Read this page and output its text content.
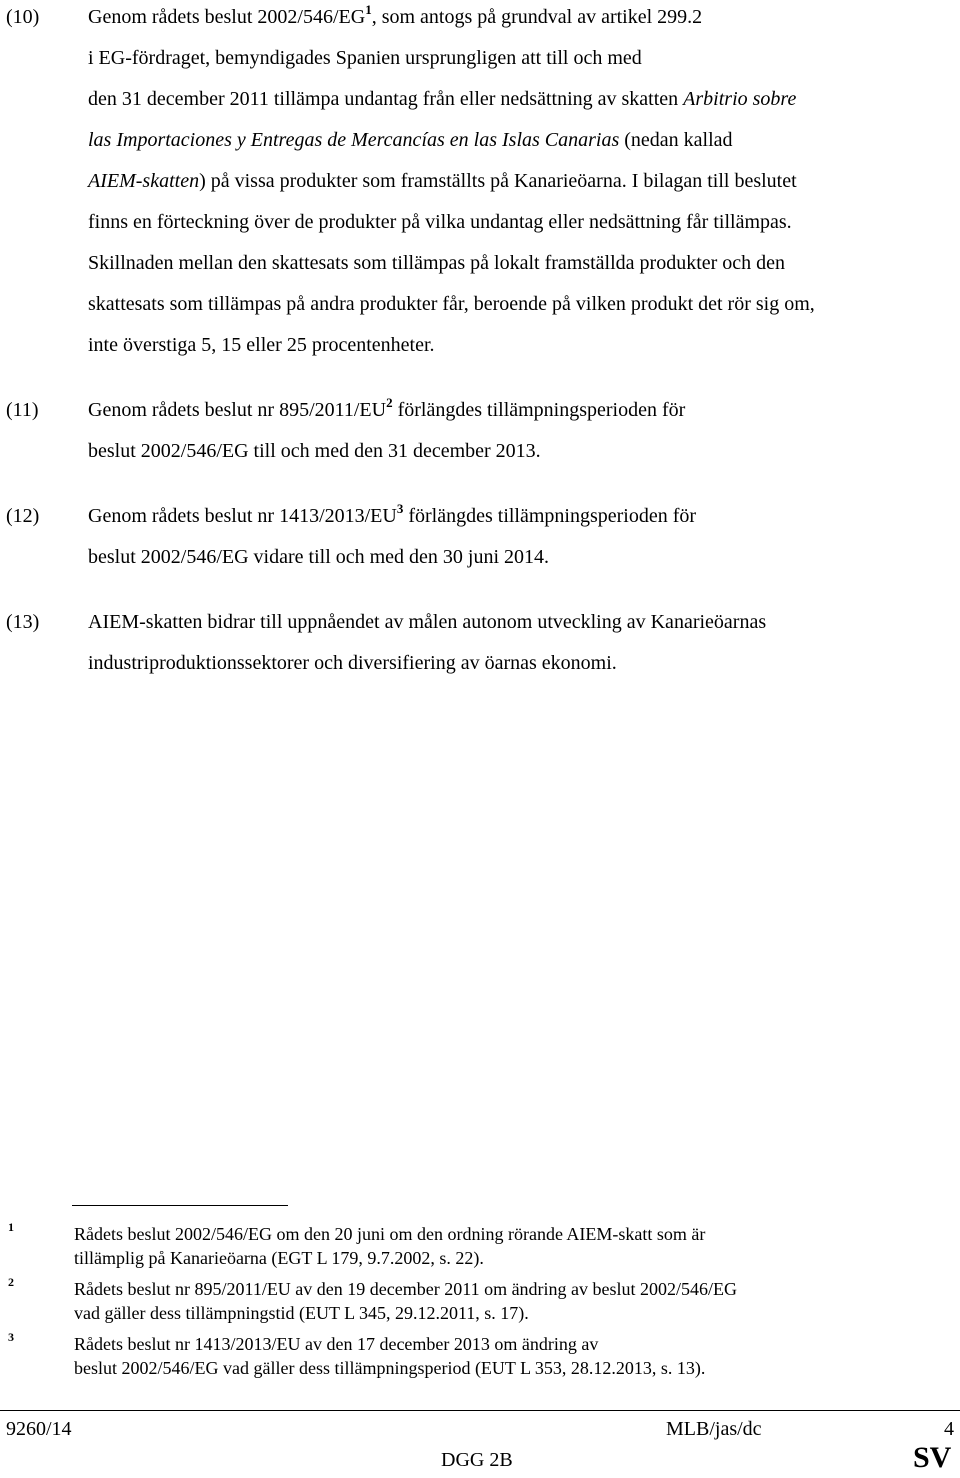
(10) Genom rådets beslut $2002/546/EG^1$, som antogs på grundval av artikel 299.2

i EG-fördraget, bemyndigades Spanien ursprungligen att till och med

den 31 december 2011 tillämpa undantag från eller nedsättning av skatten Arbitrio sobre

las Importaciones y Entregas de Mercancías en las Islas Canarias (nedan kallad

AIEM-skatten) på vissa produkter som framställts på Kanarieöarna. I bilagan till beslutet

finns en förteckning över de produkter på vilka undantag eller nedsättning får tillämpas.

Skillnaden mellan den skattesats som tillämpas på lokalt framställda produkter och den

skattesats som tillämpas på andra produkter får, beroende på vilken produkt det rör sig om,

inte överstiga 5, 15 eller 25 procentenheter.

(11) Genom rådets beslut nr $895/2011/EU^2$ förlängdes tillämpningsperioden för

beslut 2002/546/EG till och med den 31 december 2013.

(12) Genom rådets beslut nr $1413/2013/EU^3$ förlängdes tillämpningsperioden för

beslut 2002/546/EG vidare till och med den 30 juni 2014.

(13) AIEM-skatten bidrar till uppnåendet av målen autonom utveckling av Kanarieöarnas

industriproduktionssektorer och diversifiering av öarnas ekonomi.

1	Rådets beslut 2002/546/EG om den 20 juni om den ordning rörande AIEM-skatt som är

tillämplig på Kanarieöarna (EGT L 179, 9.7.2002, s. 22).

2	Rådets beslut nr 895/2011/EU av den 19 december 2011 om ändring av beslut 2002/546/EG

vad gäller dess tillämpningstid (EUT L 345, 29.12.2011, s. 17).

3	Rådets beslut nr 1413/2013/EU av den 17 december 2013 om ändring av

beslut 2002/546/EG vad gäller dess tillämpningsperiod (EUT L 353, 28.12.2013, s. 13).

9260/14	MLB/jas/dc	4
DGG 2B	SV
